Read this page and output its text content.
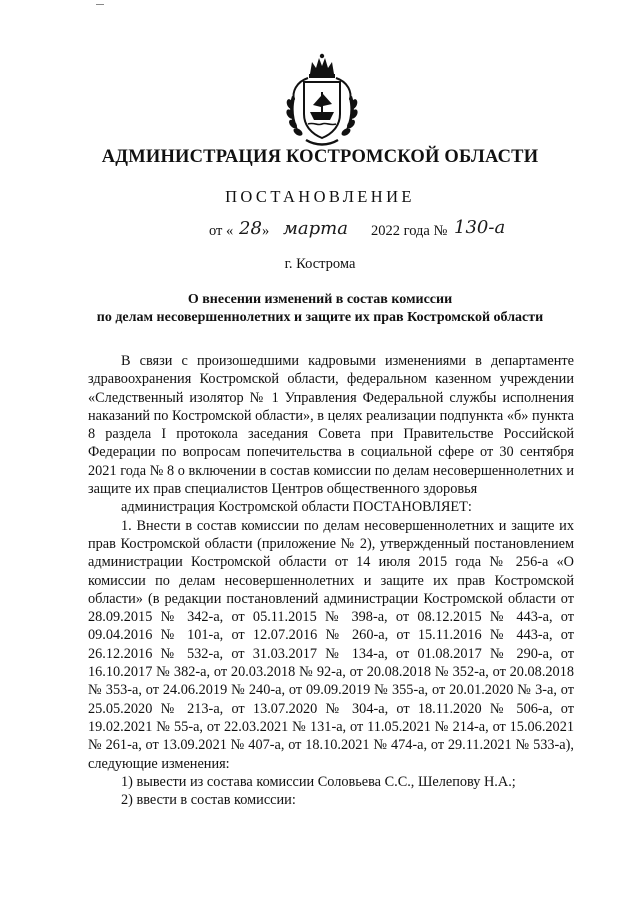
АДМИНИСТРАЦИЯ КОСТРОМСКОЙ ОБЛАСТИ
ПОСТАНОВЛЕНИЕ
от « 28 » марта 2022 года № 130-а
г. Кострома
О внесении изменений в состав комиссии
по делам несовершеннолетних и защите их прав Костромской области

В связи с произошедшими кадровыми изменениями в департаменте здравоохранения Костромской области, федеральном казенном учреждении «Следственный изолятор № 1 Управления Федеральной службы исполнения наказаний по Костромской области», в целях реализации подпункта «б» пункта 8 раздела I протокола заседания Совета при Правительстве Российской Федерации по вопросам попечительства в социальной сфере от 30 сентября 2021 года № 8 о включении в состав комиссии по делам несовершеннолетних и защите их прав специалистов Центров общественного здоровья

администрация Костромской области ПОСТАНОВЛЯЕТ:

1. Внести в состав комиссии по делам несовершеннолетних и защите их прав Костромской области (приложение № 2), утвержденный постановлением администрации Костромской области от 14 июля 2015 года № 256-а «О комиссии по делам несовершеннолетних и защите их прав Костромской области» (в редакции постановлений администрации Костромской области от 28.09.2015 № 342-а, от 05.11.2015 № 398-а, от 08.12.2015 № 443-а, от 09.04.2016 № 101-а, от 12.07.2016 № 260-а, от 15.11.2016 № 443-а, от 26.12.2016 № 532-а, от 31.03.2017 № 134-а, от 01.08.2017 № 290-а, от 16.10.2017 № 382-а, от 20.03.2018 № 92-а, от 20.08.2018 № 352-а, от 20.08.2018 № 353-а, от 24.06.2019 № 240-а, от 09.09.2019 № 355-а, от 20.01.2020 № 3-а, от 25.05.2020 № 213-а, от 13.07.2020 № 304-а, от 18.11.2020 № 506-а, от 19.02.2021 № 55-а, от 22.03.2021 № 131-а, от 11.05.2021 № 214-а, от 15.06.2021 № 261-а, от 13.09.2021 № 407-а, от 18.10.2021 № 474-а, от 29.11.2021 № 533-а), следующие изменения:

1) вывести из состава комиссии Соловьева С.С., Шелепову Н.А.;

2) ввести в состав комиссии:
